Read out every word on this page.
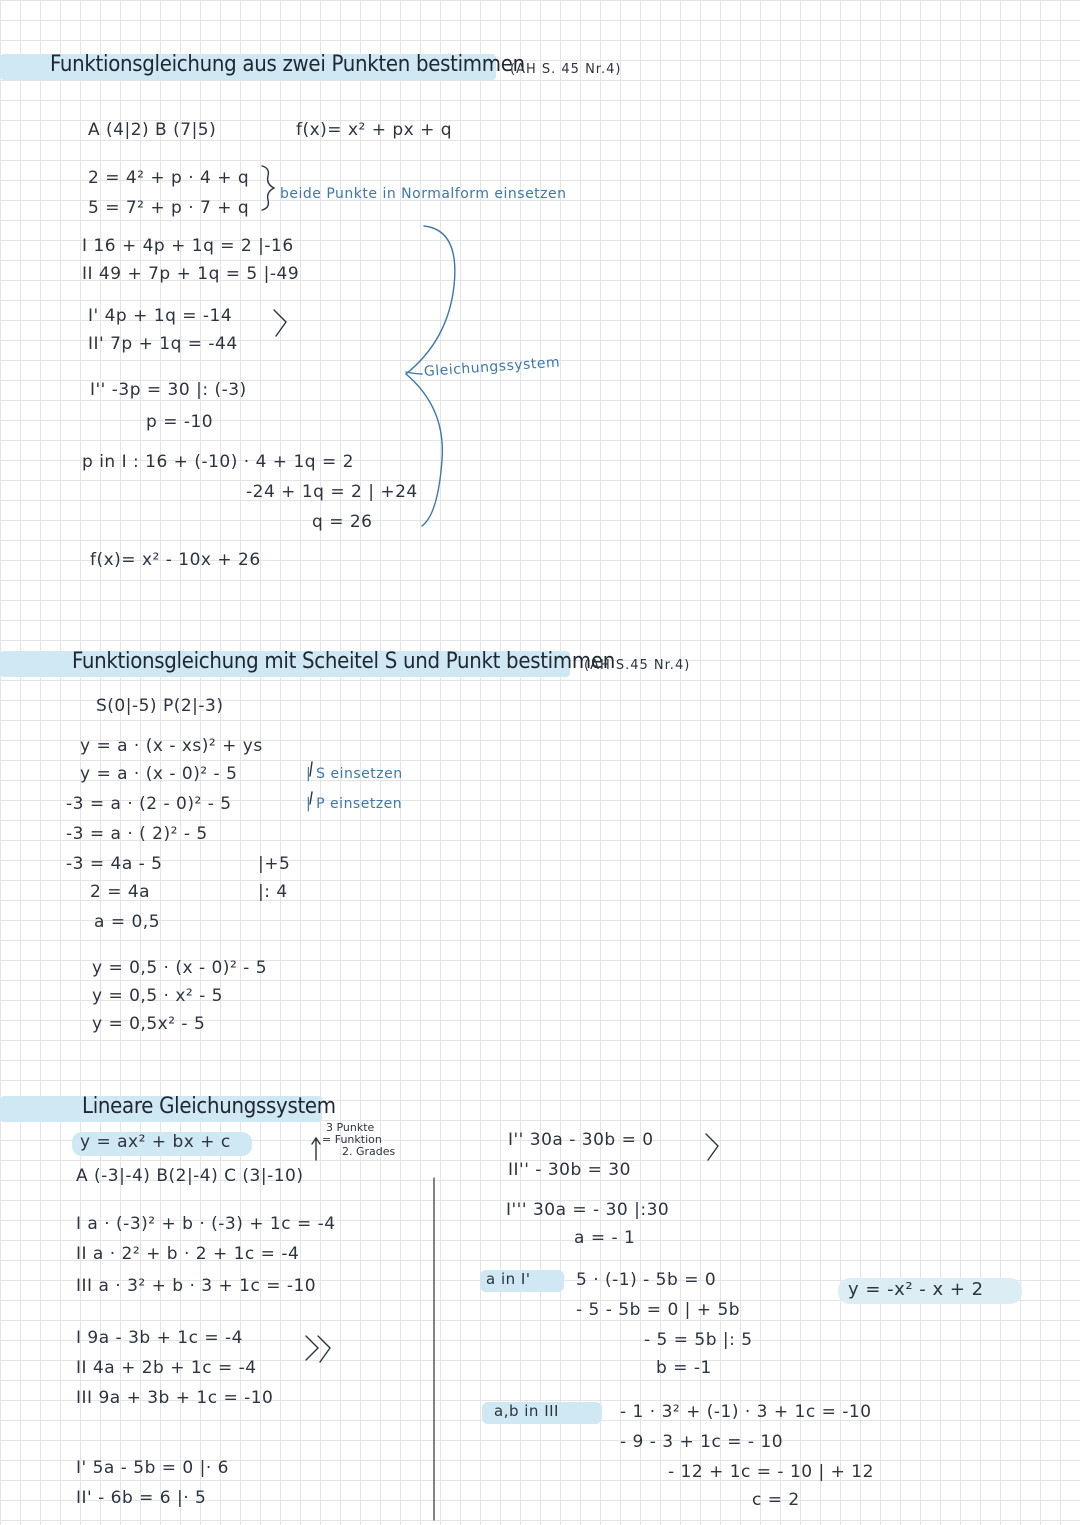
Funktionsgleichung aus zwei Punkten bestimmen
(AH S. 45 Nr.4)
A (4|2) B (7|5)	f(x)= x² + px + q
2 = 4² + p · 4 + q
5 = 7² + p · 7 + q
beide Punkte in Normalform einsetzen
I 16 + 4p + 1q = 2 |-16
II 49 + 7p + 1q = 5 |-49
I' 4p + 1q = -14
II' 7p + 1q = -44
I'' -3p = 30 |: (-3)
p = -10
p in I : 16 + (-10) · 4 + 1q = 2
-24 + 1q = 2 | +24
q = 26
Gleichungssystem
f(x)= x² - 10x + 26
Funktionsgleichung mit Scheitel S und Punkt bestimmen
(AH S.45 Nr.4)
S(0|-5) P(2|-3)
y = a · (x - xs)² + ys
y = a · (x - 0)² - 5	| S einsetzen
-3 = a · (2 - 0)² - 5	| P einsetzen
-3 = a · ( 2)² - 5
-3 = 4a - 5	|+5
2 = 4a	|: 4
a = 0,5
y = 0,5 · (x - 0)² - 5
y = 0,5 · x² - 5
y = 0,5x² - 5
Lineare Gleichungssystem
y = ax² + bx + c
3 Punkte
= Funktion
2. Grades
A (-3|-4) B(2|-4) C (3|-10)
I a · (-3)² + b · (-3) + 1c = -4
II a · 2² + b · 2 + 1c = -4
III a · 3² + b · 3 + 1c = -10
I 9a - 3b + 1c = -4
II 4a + 2b + 1c = -4
III 9a + 3b + 1c = -10
I' 5a - 5b = 0 |· 6
II' - 6b = 6 |· 5
I'' 30a - 30b = 0
II'' - 30b = 30
I''' 30a = - 30 |:30
a = - 1
a in I'	5 · (-1) - 5b = 0
- 5 - 5b = 0 | + 5b
- 5 = 5b |: 5
b = -1
a,b in III	- 1 · 3² + (-1) · 3 + 1c = -10
- 9 - 3 + 1c = - 10
- 12 + 1c = - 10 | + 12
c = 2
y = -x² - x + 2
